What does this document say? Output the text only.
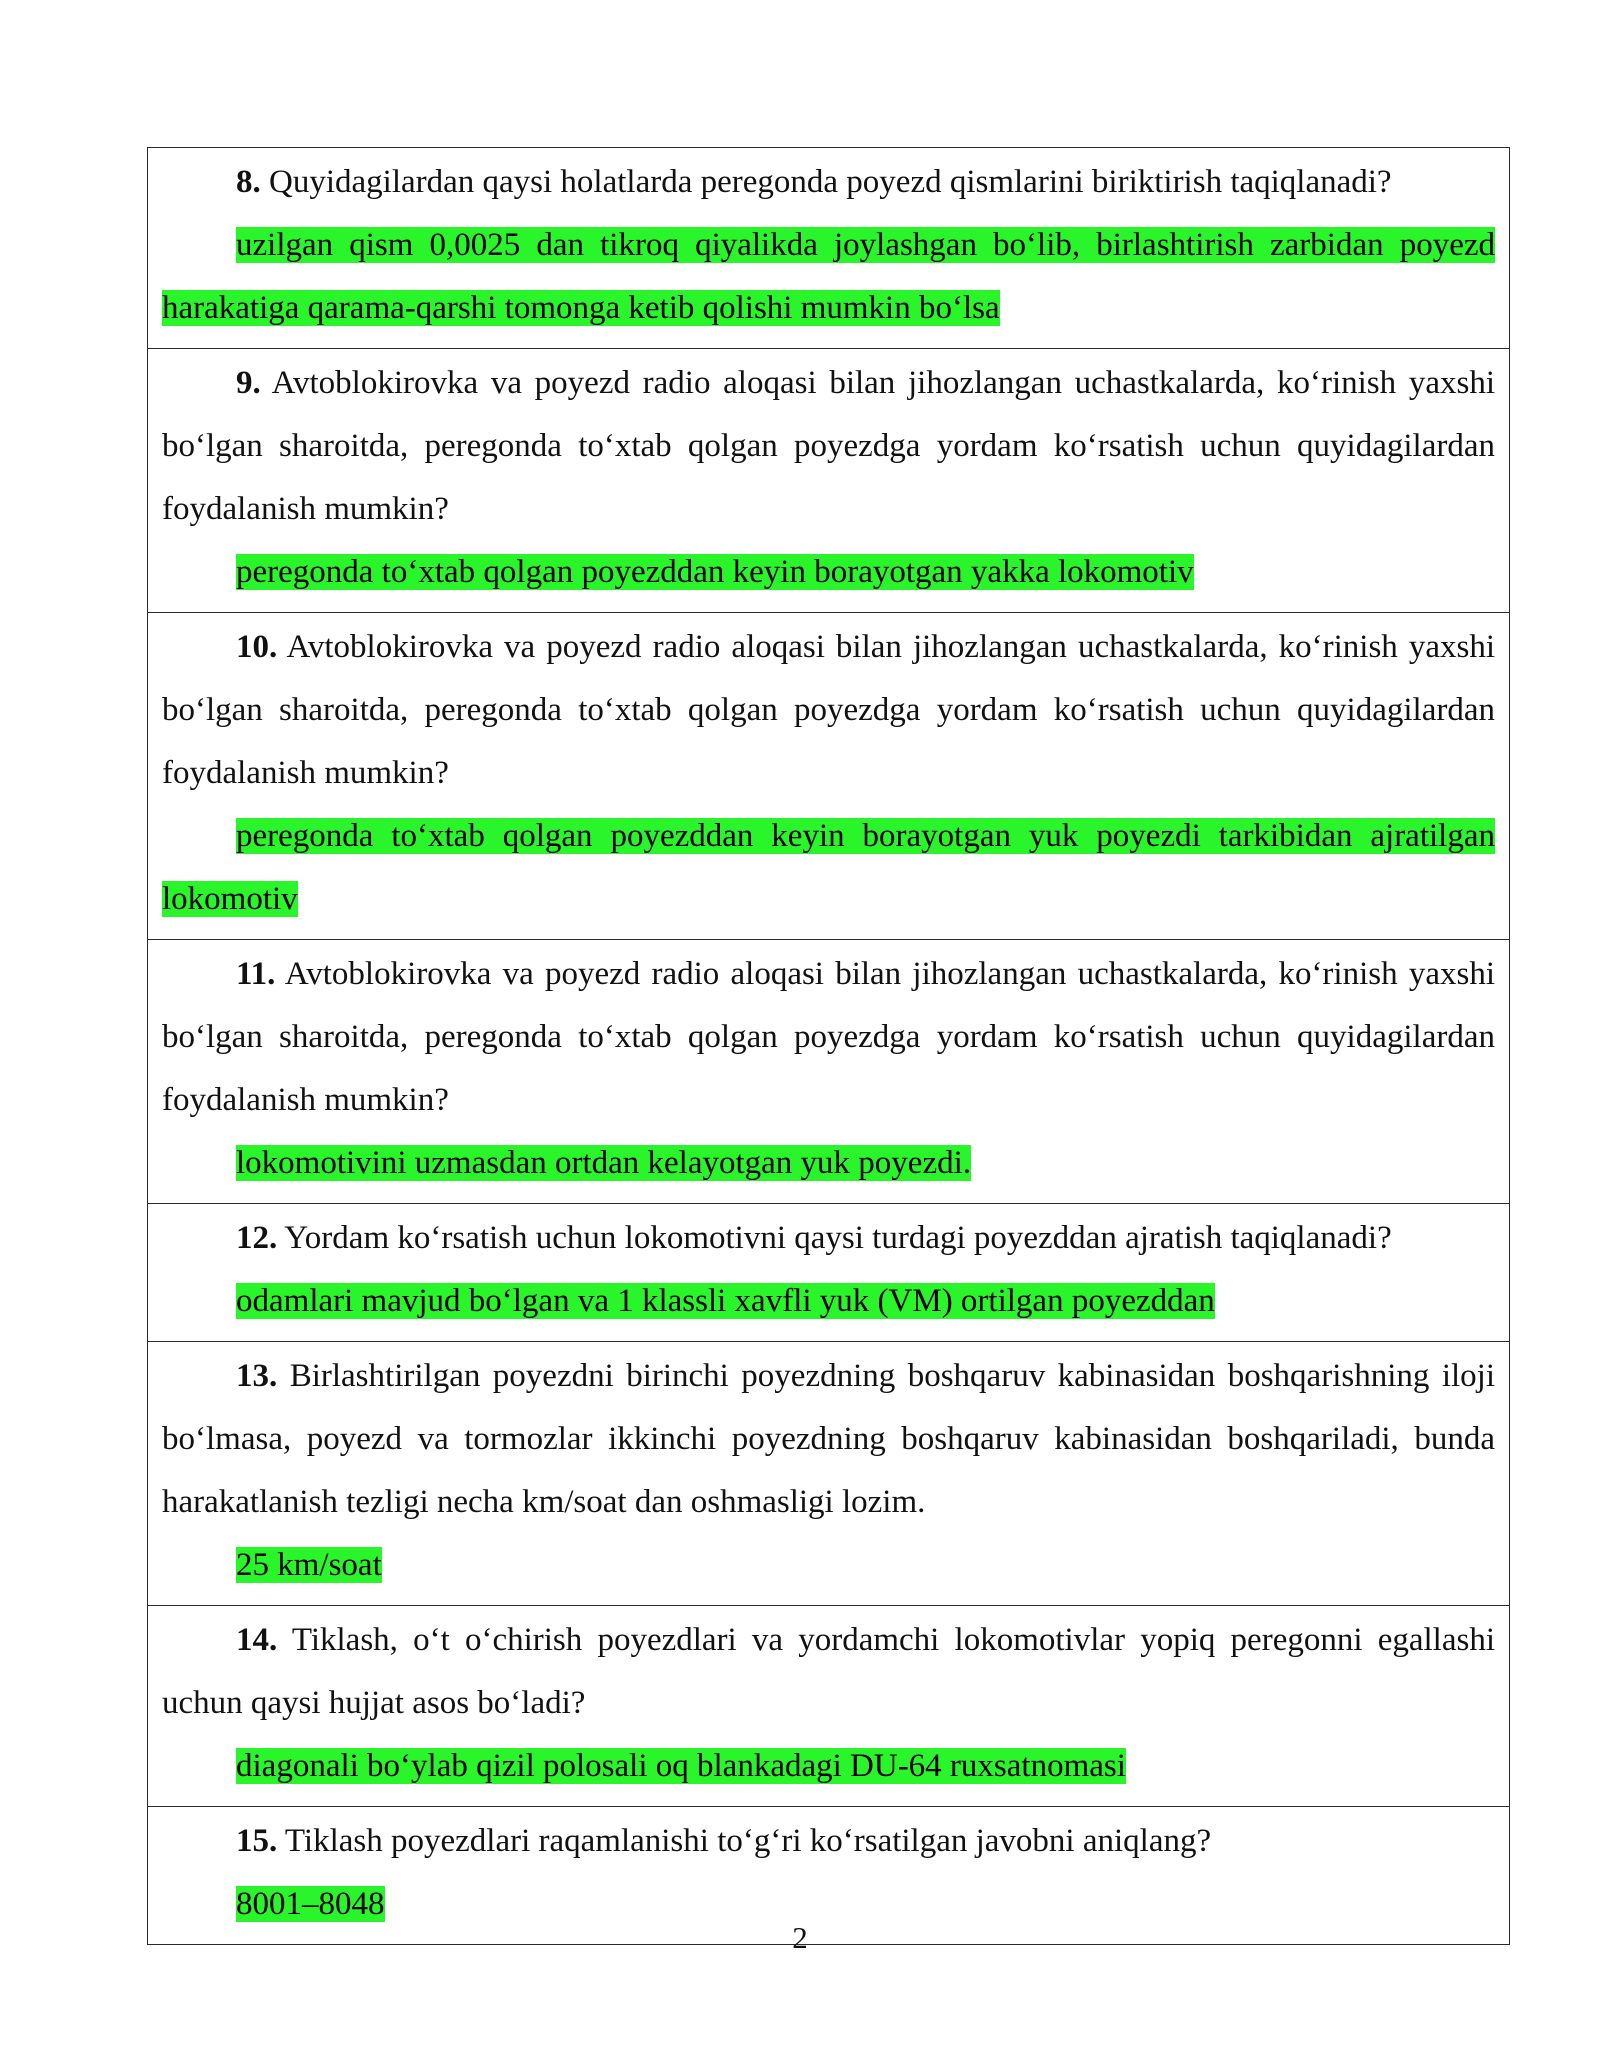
8. Quyidagilardan qaysi holatlarda peregonda poyezd qismlarini biriktirish taqiqlanadi?

uzilgan qism 0,0025 dan tikroq qiyalikda joylashgan bo‘lib, birlashtirish zarbidan poyezd harakatiga qarama-qarshi tomonga ketib qolishi mumkin bo‘lsa

9. Avtoblokirovka va poyezd radio aloqasi bilan jihozlangan uchastkalarda, ko‘rinish yaxshi bo‘lgan sharoitda, peregonda to‘xtab qolgan poyezdga yordam ko‘rsatish uchun quyidagilardan foydalanish mumkin?

peregonda to‘xtab qolgan poyezddan keyin borayotgan yakka lokomotiv

10. Avtoblokirovka va poyezd radio aloqasi bilan jihozlangan uchastkalarda, ko‘rinish yaxshi bo‘lgan sharoitda, peregonda to‘xtab qolgan poyezdga yordam ko‘rsatish uchun quyidagilardan foydalanish mumkin?

peregonda to‘xtab qolgan poyezddan keyin borayotgan yuk poyezdi tarkibidan ajratilgan lokomotiv

11. Avtoblokirovka va poyezd radio aloqasi bilan jihozlangan uchastkalarda, ko‘rinish yaxshi bo‘lgan sharoitda, peregonda to‘xtab qolgan poyezdga yordam ko‘rsatish uchun quyidagilardan foydalanish mumkin?

lokomotivini uzmasdan ortdan kelayotgan yuk poyezdi.

12. Yordam ko‘rsatish uchun lokomotivni qaysi turdagi poyezddan ajratish taqiqlanadi?

odamlari mavjud bo‘lgan va 1 klassli xavfli yuk (VM) ortilgan poyezddan

13. Birlashtirilgan poyezdni birinchi poyezdning boshqaruv kabinasidan boshqarishning iloji bo‘lmasa, poyezd va tormozlar ikkinchi poyezdning boshqaruv kabinasidan boshqariladi, bunda harakatlanish tezligi necha km/soat dan oshmasligi lozim.

25 km/soat

14. Tiklash, o‘t o‘chirish poyezdlari va yordamchi lokomotivlar yopiq peregonni egallashi uchun qaysi hujjat asos bo‘ladi?

diagonali bo‘ylab qizil polosali oq blankadagi DU-64 ruxsatnomasi

15. Tiklash poyezdlari raqamlanishi to‘g‘ri ko‘rsatilgan javobni aniqlang?

8001–8048

2
